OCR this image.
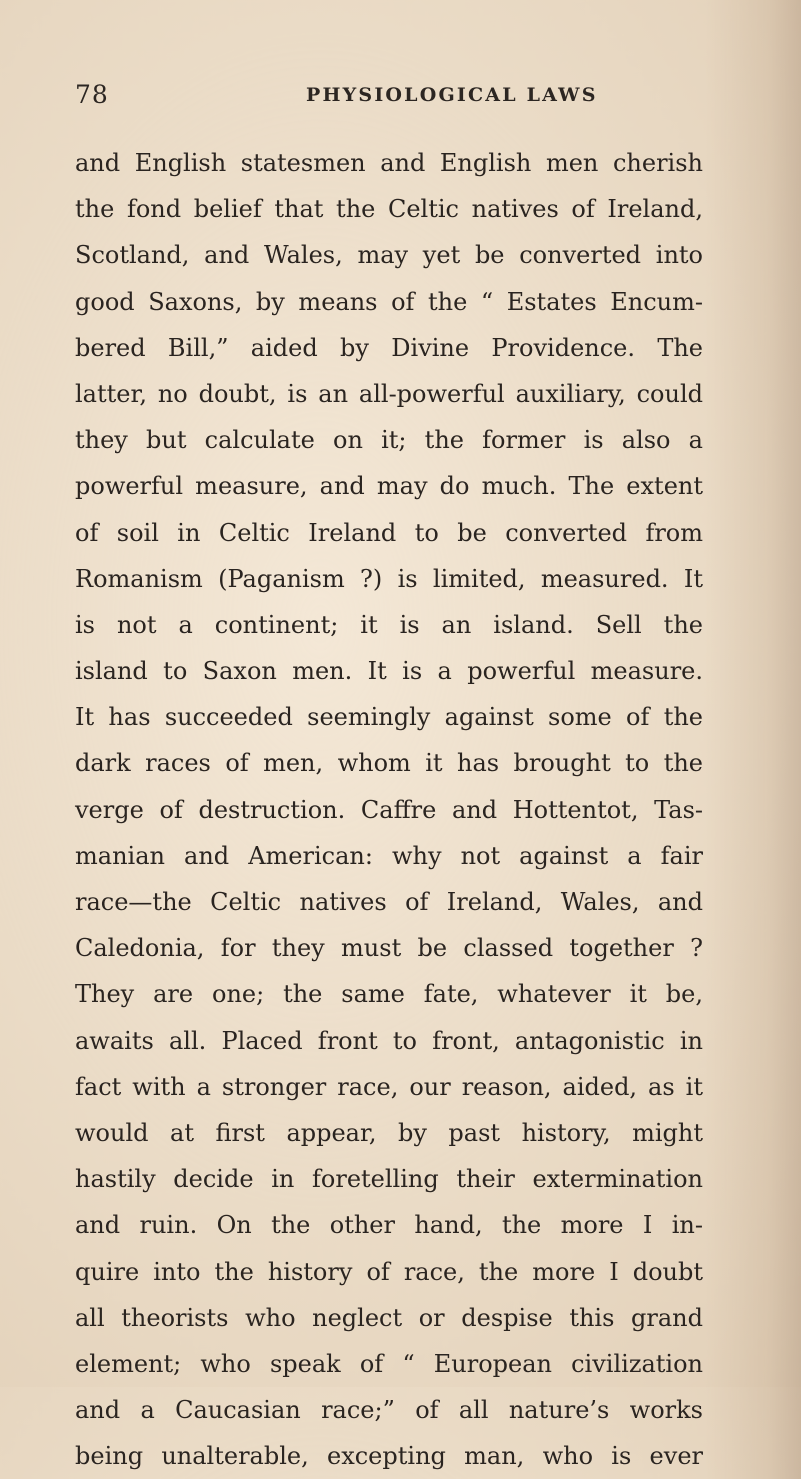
78	PHYSIOLOGICAL LAWS
and English statesmen and English men cherish
the fond belief that the Celtic natives of Ireland,
Scotland, and Wales, may yet be converted into
good Saxons, by means of the “ Estates Encum-
bered Bill,” aided by Divine Providence. The
latter, no doubt, is an all-powerful auxiliary, could
they but calculate on it; the former is also a
powerful measure, and may do much. The extent
of soil in Celtic Ireland to be converted from
Romanism (Paganism ?) is limited, measured. It
is not a continent; it is an island. Sell the
island to Saxon men. It is a powerful measure.
It has succeeded seemingly against some of the
dark races of men, whom it has brought to the
verge of destruction. Caffre and Hottentot, Tas-
manian and American: why not against a fair
race—the Celtic natives of Ireland, Wales, and
Caledonia, for they must be classed together ?
They are one; the same fate, whatever it be,
awaits all. Placed front to front, antagonistic in
fact with a stronger race, our reason, aided, as it
would at first appear, by past history, might
hastily decide in foretelling their extermination
and ruin. On the other hand, the more I in-
quire into the history of race, the more I doubt
all theorists who neglect or despise this grand
element; who speak of “ European civilization
and a Caucasian race;” of all nature’s works
being unalterable, excepting man, who is ever
